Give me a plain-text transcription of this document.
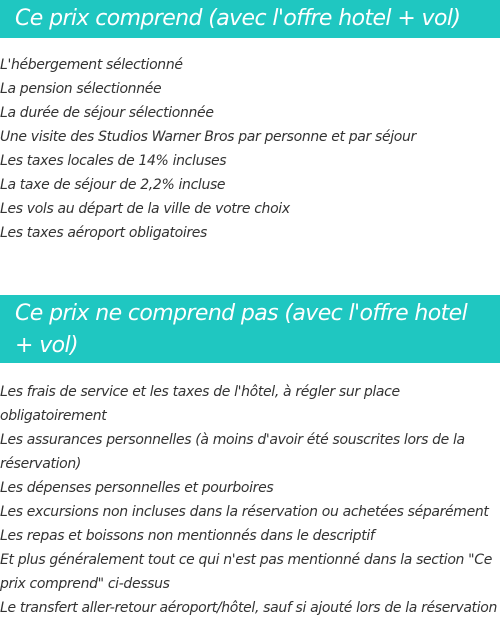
Ce prix comprend (avec l'offre hotel + vol)
L'hébergement sélectionné
La pension sélectionnée
La durée de séjour sélectionnée
Une visite des Studios Warner Bros par personne et par séjour
Les taxes locales de 14% incluses
La taxe de séjour de 2,2% incluse
Les vols au départ de la ville de votre choix
Les taxes aéroport obligatoires
Ce prix ne comprend pas (avec l'offre hotel + vol)
Les frais de service et les taxes de l'hôtel, à régler sur place obligatoirement
Les assurances personnelles (à moins d'avoir été souscrites lors de la réservation)
Les dépenses personnelles et pourboires
Les excursions non incluses dans la réservation ou achetées séparément
Les repas et boissons non mentionnés dans le descriptif
Et plus généralement tout ce qui n'est pas mentionné dans la section "Ce prix comprend" ci-dessus
Le transfert aller-retour aéroport/hôtel, sauf si ajouté lors de la réservation
